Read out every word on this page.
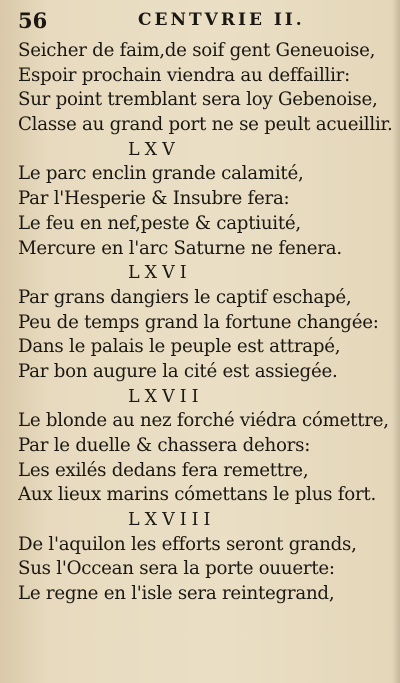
56	CENTVRIE II.
Seicher de faim,de soif gent Geneuoise,
Espoir prochain viendra au deffaillir:
Sur point tremblant sera loy Gebenoise,
Classe au grand port ne se peult acueillir.
LXV
Le parc enclin grande calamité,
Par l'Hesperie & Insubre fera:
Le feu en nef,peste & captiuité,
Mercure en l'arc Saturne ne fenera.
LXVI
Par grans dangiers le captif eschapé,
Peu de temps grand la fortune changée:
Dans le palais le peuple est attrapé,
Par bon augure la cité est assiegée.
LXVII
Le blonde au nez forché viédra cómettre,
Par le duelle & chassera dehors:
Les exilés dedans fera remettre,
Aux lieux marins cómettans le plus fort.
LXVIII
De l'aquilon les efforts seront grands,
Sus l'Occean sera la porte ouuerte:
Le regne en l'isle sera reintegrand,
